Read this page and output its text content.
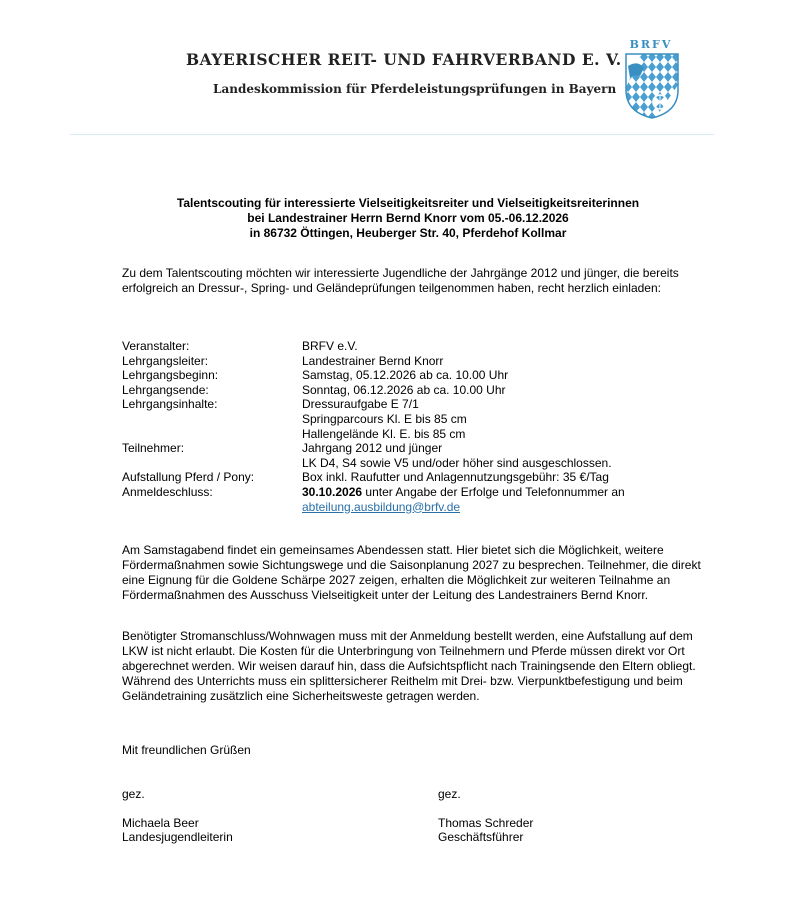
BAYERISCHER REIT- UND FAHRVERBAND E. V.
Landeskommission für Pferdeleistungsprüfungen in Bayern
BRFV
Talentscouting für interessierte Vielseitigkeitsreiter und Vielseitigkeitsreiterinnen
bei Landestrainer Herrn Bernd Knorr vom 05.-06.12.2026
in 86732 Öttingen, Heuberger Str. 40, Pferdehof Kollmar

Zu dem Talentscouting möchten wir interessierte Jugendliche der Jahrgänge 2012 und jünger, die bereits erfolgreich an Dressur-, Spring- und Geländeprüfungen teilgenommen haben, recht herzlich einladen:

Veranstalter:	BRFV e.V.
Lehrgangsleiter:	Landestrainer Bernd Knorr
Lehrgangsbeginn:	Samstag, 05.12.2026 ab ca. 10.00 Uhr
Lehrgangsende:	Sonntag, 06.12.2026 ab ca. 10.00 Uhr
Lehrgangsinhalte:	Dressuraufgabe E 7/1
Springparcours Kl. E bis 85 cm
Hallengelände Kl. E. bis 85 cm
Teilnehmer:	Jahrgang 2012 und jünger
LK D4, S4 sowie V5 und/oder höher sind ausgeschlossen.
Aufstallung Pferd / Pony:	Box inkl. Raufutter und Anlagennutzungsgebühr: 35 €/Tag
Anmeldeschluss:	30.10.2026 unter Angabe der Erfolge und Telefonnummer an
abteilung.ausbildung@brfv.de

Am Samstagabend findet ein gemeinsames Abendessen statt. Hier bietet sich die Möglichkeit, weitere Fördermaßnahmen sowie Sichtungswege und die Saisonplanung 2027 zu besprechen. Teilnehmer, die direkt eine Eignung für die Goldene Schärpe 2027 zeigen, erhalten die Möglichkeit zur weiteren Teilnahme an Fördermaßnahmen des Ausschuss Vielseitigkeit unter der Leitung des Landestrainers Bernd Knorr.

Benötigter Stromanschluss/Wohnwagen muss mit der Anmeldung bestellt werden, eine Aufstallung auf dem LKW ist nicht erlaubt. Die Kosten für die Unterbringung von Teilnehmern und Pferde müssen direkt vor Ort abgerechnet werden. Wir weisen darauf hin, dass die Aufsichtspflicht nach Trainingsende den Eltern obliegt. Während des Unterrichts muss ein splittersicherer Reithelm mit Drei- bzw. Vierpunktbefestigung und beim Geländetraining zusätzlich eine Sicherheitsweste getragen werden.

Mit freundlichen Grüßen
gez.
Michaela Beer
Landesjugendleiterin
gez.
Thomas Schreder
Geschäftsführer
